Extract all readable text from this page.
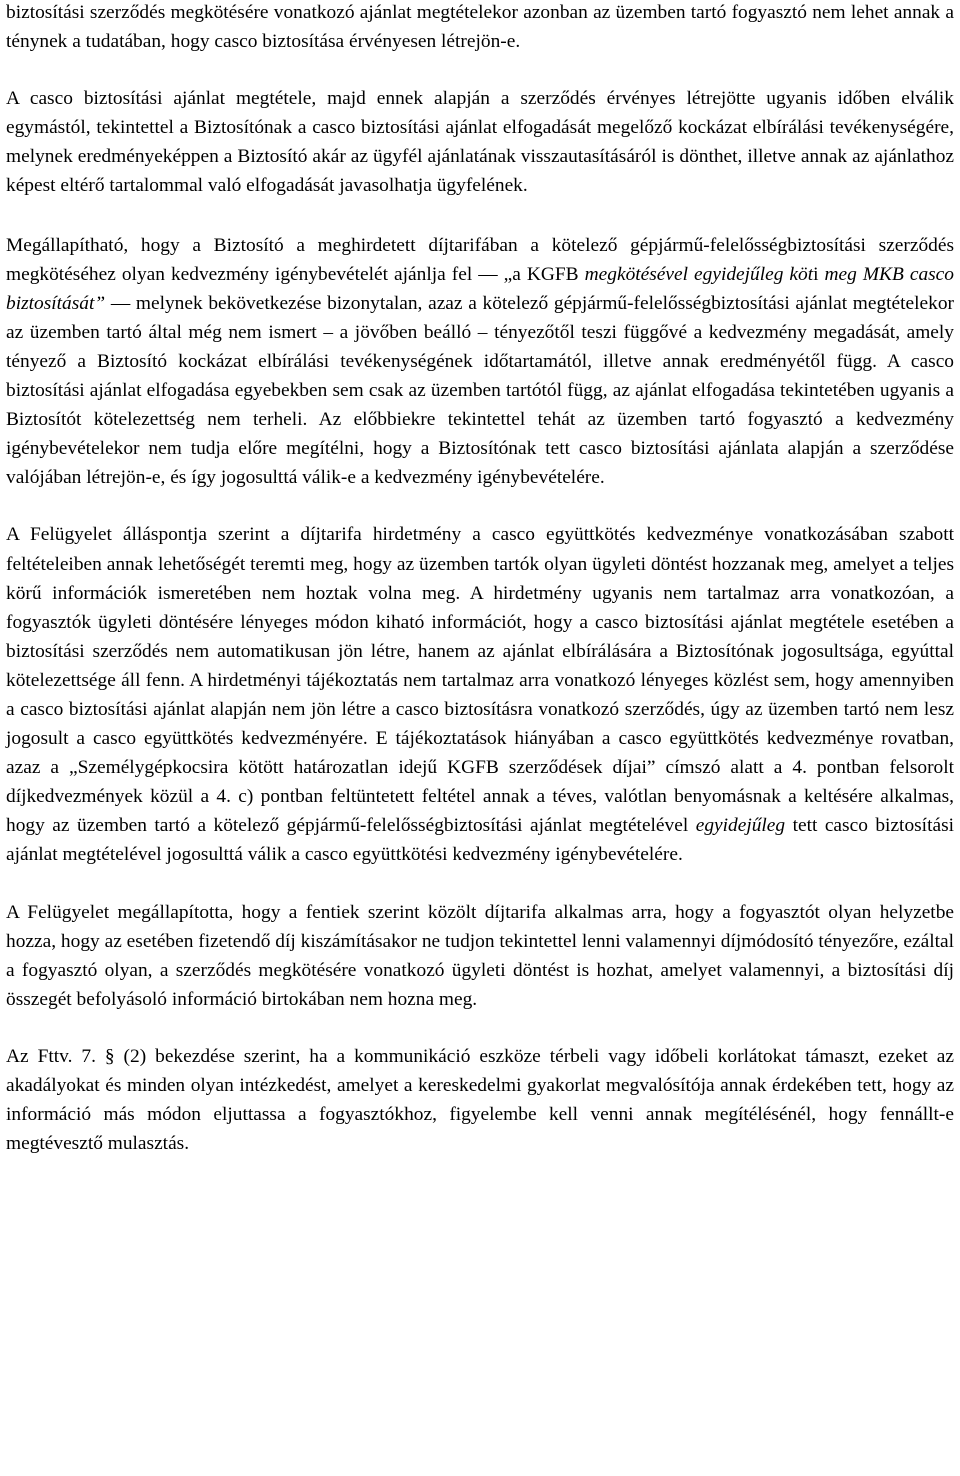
biztosítási szerződés megkötésére vonatkozó ajánlat megtételekor azonban az üzemben tartó fogyasztó nem lehet annak a ténynek a tudatában, hogy casco biztosítása érvényesen létrejön-e.

A casco biztosítási ajánlat megtétele, majd ennek alapján a szerződés érvényes létrejötte ugyanis időben elválik egymástól, tekintettel a Biztosítónak a casco biztosítási ajánlat elfogadását megelőző kockázat elbírálási tevékenységére, melynek eredményeképpen a Biztosító akár az ügyfél ajánlatának visszautasításáról is dönthet, illetve annak az ajánlathoz képest eltérő tartalommal való elfogadását javasolhatja ügyfelének.

Megállapítható, hogy a Biztosító a meghirdetett díjtarifában a kötelező gépjármű-felelősségbiztosítási szerződés megkötéséhez olyan kedvezmény igénybevételét ajánlja fel ― „a KGFB megkötésével egyidejűleg köti meg MKB casco biztosítását” ― melynek bekövetkezése bizonytalan, azaz a kötelező gépjármű-felelősségbiztosítási ajánlat megtételekor az üzemben tartó által még nem ismert – a jövőben beálló – tényezőtől teszi függővé a kedvezmény megadását, amely tényező a Biztosító kockázat elbírálási tevékenységének időtartamától, illetve annak eredményétől függ. A casco biztosítási ajánlat elfogadása egyebekben sem csak az üzemben tartótól függ, az ajánlat elfogadása tekintetében ugyanis a Biztosítót kötelezettség nem terheli. Az előbbiekre tekintettel tehát az üzemben tartó fogyasztó a kedvezmény igénybevételekor nem tudja előre megítélni, hogy a Biztosítónak tett casco biztosítási ajánlata alapján a szerződése valójában létrejön-e, és így jogosulttá válik-e a kedvezmény igénybevételére.

A Felügyelet álláspontja szerint a díjtarifa hirdetmény a casco együttkötés kedvezménye vonatkozásában szabott feltételeiben annak lehetőségét teremti meg, hogy az üzemben tartók olyan ügyleti döntést hozzanak meg, amelyet a teljes körű információk ismeretében nem hoztak volna meg. A hirdetmény ugyanis nem tartalmaz arra vonatkozóan, a fogyasztók ügyleti döntésére lényeges módon kiható információt, hogy a casco biztosítási ajánlat megtétele esetében a biztosítási szerződés nem automatikusan jön létre, hanem az ajánlat elbírálására a Biztosítónak jogosultsága, egyúttal kötelezettsége áll fenn. A hirdetményi tájékoztatás nem tartalmaz arra vonatkozó lényeges közlést sem, hogy amennyiben a casco biztosítási ajánlat alapján nem jön létre a casco biztosításra vonatkozó szerződés, úgy az üzemben tartó nem lesz jogosult a casco együttkötés kedvezményére. E tájékoztatások hiányában a casco együttkötés kedvezménye rovatban, azaz a „Személygépkocsira kötött határozatlan idejű KGFB szerződések díjai” címszó alatt a 4. pontban felsorolt díjkedvezmények közül a 4. c) pontban feltüntetett feltétel annak a téves, valótlan benyomásnak a keltésére alkalmas, hogy az üzemben tartó a kötelező gépjármű-felelősségbiztosítási ajánlat megtételével egyidejűleg tett casco biztosítási ajánlat megtételével jogosulttá válik a casco együttkötési kedvezmény igénybevételére.

A Felügyelet megállapította, hogy a fentiek szerint közölt díjtarifa alkalmas arra, hogy a fogyasztót olyan helyzetbe hozza, hogy az esetében fizetendő díj kiszámításakor ne tudjon tekintettel lenni valamennyi díjmódosító tényezőre, ezáltal a fogyasztó olyan, a szerződés megkötésére vonatkozó ügyleti döntést is hozhat, amelyet valamennyi, a biztosítási díj összegét befolyásoló információ birtokában nem hozna meg.

Az Fttv. 7. § (2) bekezdése szerint, ha a kommunikáció eszköze térbeli vagy időbeli korlátokat támaszt, ezeket az akadályokat és minden olyan intézkedést, amelyet a kereskedelmi gyakorlat megvalósítója annak érdekében tett, hogy az információ más módon eljuttassa a fogyasztókhoz, figyelembe kell venni annak megítélésénél, hogy fennállt-e megtévesztő mulasztás.
